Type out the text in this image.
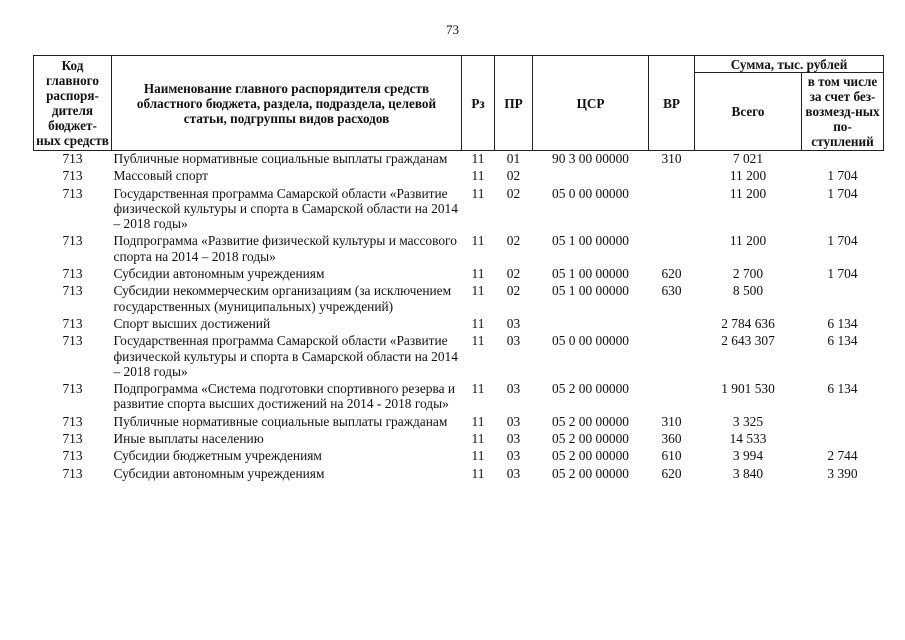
73
Код главного распоря-дителя бюджет-ных средств	Наименование главного распорядителя средств областного бюджета, раздела, подраздела, целевой статьи, подгруппы видов расходов	Рз	ПР	ЦСР	ВР	Сумма, тыс. рублей	
						Всего	в том числе за счет без-возмезд-ных по-ступлений
713	Публичные нормативные социальные выплаты гражданам	11	01	90 3 00 00000	310	7 021	
713	Массовый спорт	11	02			11 200	1 704
713	Государственная программа Самарской области «Развитие физической культуры и спорта в Самарской области на 2014 – 2018 годы»	11	02	05 0 00 00000		11 200	1 704
713	Подпрограмма «Развитие физической культуры и массового спорта на 2014 – 2018 годы»	11	02	05 1 00 00000		11 200	1 704
713	Субсидии автономным учреждениям	11	02	05 1 00 00000	620	2 700	1 704
713	Субсидии некоммерческим организациям (за исключением государственных (муниципальных) учреждений)	11	02	05 1 00 00000	630	8 500	
713	Спорт высших достижений	11	03			2 784 636	6 134
713	Государственная программа Самарской области «Развитие физической культуры и спорта в Самарской области на 2014 – 2018 годы»	11	03	05 0 00 00000		2 643 307	6 134
713	Подпрограмма «Система подготовки спортивного резерва и развитие спорта высших достижений на 2014 - 2018 годы»	11	03	05 2 00 00000		1 901 530	6 134
713	Публичные нормативные социальные выплаты гражданам	11	03	05 2 00 00000	310	3 325	
713	Иные выплаты населению	11	03	05 2 00 00000	360	14 533	
713	Субсидии бюджетным учреждениям	11	03	05 2 00 00000	610	3 994	2 744
713	Субсидии автономным учреждениям	11	03	05 2 00 00000	620	3 840	3 390
